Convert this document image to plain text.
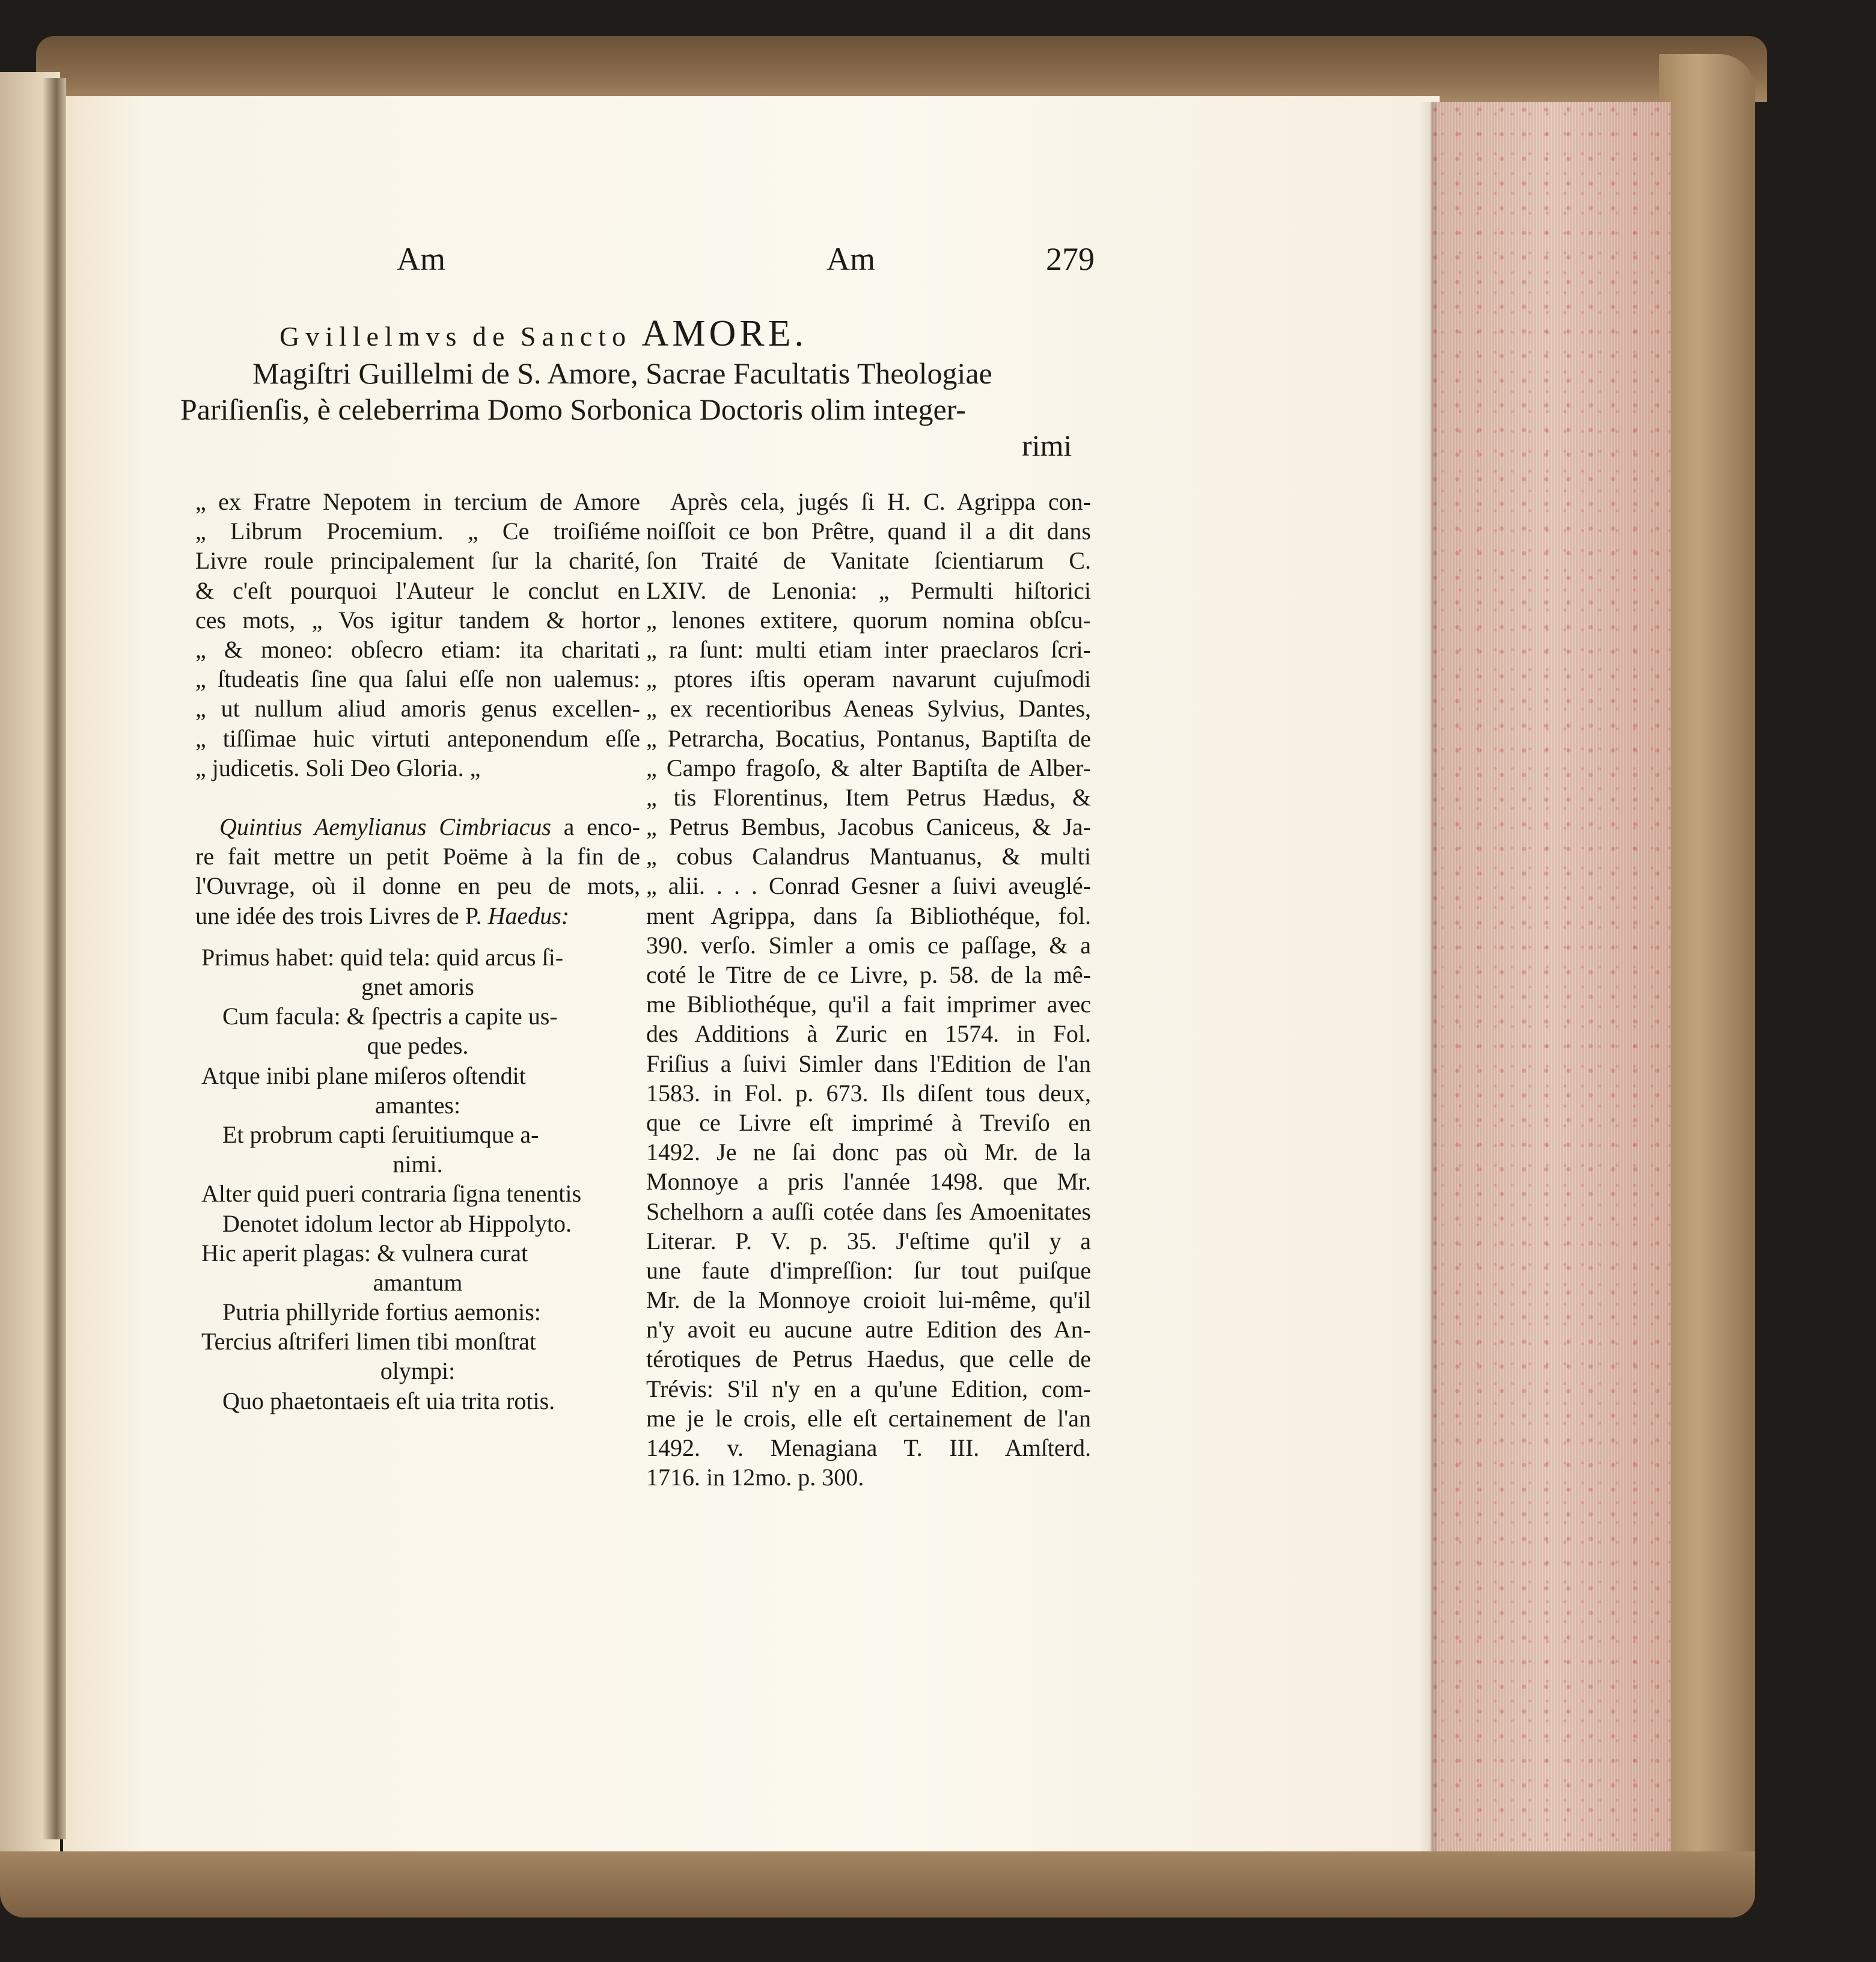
Am	Am	279
Gvillelmvs de Sancto AMORE.
Magiſtri Guillelmi de S. Amore, Sacrae Facultatis Theologiae
Pariſienſis, è celeberrima Domo Sorbonica Doctoris olim integer-
rimi
„ ex Fratre Nepotem in tercium de Amore
„ Librum Procemium. „ Ce troiſiéme
Livre roule principalement ſur la charité,
& c'eſt pourquoi l'Auteur le conclut en
ces mots, „ Vos igitur tandem & hortor
„ & moneo: obſecro etiam: ita charitati
„ ſtudeatis ſine qua ſalui eſſe non ualemus:
„ ut nullum aliud amoris genus excellen-
„ tiſſimae huic virtuti anteponendum eſſe
„ judicetis. Soli Deo Gloria. „
Quintius Aemylianus Cimbriacus a enco-
re fait mettre un petit Poëme à la fin de
l'Ouvrage, où il donne en peu de mots,
une idée des trois Livres de P. Haedus:
Primus habet: quid tela: quid arcus ſi-
gnet amoris
Cum facula: & ſpectris a capite us-
que pedes.
Atque inibi plane miſeros oſtendit
amantes:
Et probrum capti ſeruitiumque a-
nimi.
Alter quid pueri contraria ſigna tenentis
Denotet idolum lector ab Hippolyto.
Hic aperit plagas: & vulnera curat
amantum
Putria phillyride fortius aemonis:
Tercius aſtriferi limen tibi monſtrat
olympi:
Quo phaetontaeis eſt uia trita rotis.
Après cela, jugés ſi H. C. Agrippa con-
noiſſoit ce bon Prêtre, quand il a dit dans
ſon Traité de Vanitate ſcientiarum C.
LXIV. de Lenonia: „ Permulti hiſtorici
„ lenones extitere, quorum nomina obſcu-
„ ra ſunt: multi etiam inter praeclaros ſcri-
„ ptores iſtis operam navarunt cujuſmodi
„ ex recentioribus Aeneas Sylvius, Dantes,
„ Petrarcha, Bocatius, Pontanus, Baptiſta de
„ Campo fragoſo, & alter Baptiſta de Alber-
„ tis Florentinus, Item Petrus Hædus, &
„ Petrus Bembus, Jacobus Caniceus, & Ja-
„ cobus Calandrus Mantuanus, & multi
„ alii. . . . Conrad Gesner a ſuivi aveuglé-
ment Agrippa, dans ſa Bibliothéque, fol.
390. verſo. Simler a omis ce paſſage, & a
coté le Titre de ce Livre, p. 58. de la mê-
me Bibliothéque, qu'il a fait imprimer avec
des Additions à Zuric en 1574. in Fol.
Friſius a ſuivi Simler dans l'Edition de l'an
1583. in Fol. p. 673. Ils diſent tous deux,
que ce Livre eſt imprimé à Treviſo en
1492. Je ne ſai donc pas où Mr. de la
Monnoye a pris l'année 1498. que Mr.
Schelhorn a auſſi cotée dans ſes Amoenitates
Literar. P. V. p. 35. J'eſtime qu'il y a
une faute d'impreſſion: ſur tout puiſque
Mr. de la Monnoye croioit lui-même, qu'il
n'y avoit eu aucune autre Edition des An-
térotiques de Petrus Haedus, que celle de
Trévis: S'il n'y en a qu'une Edition, com-
me je le crois, elle eſt certainement de l'an
1492. v. Menagiana T. III. Amſterd.
1716. in 12mo. p. 300.
